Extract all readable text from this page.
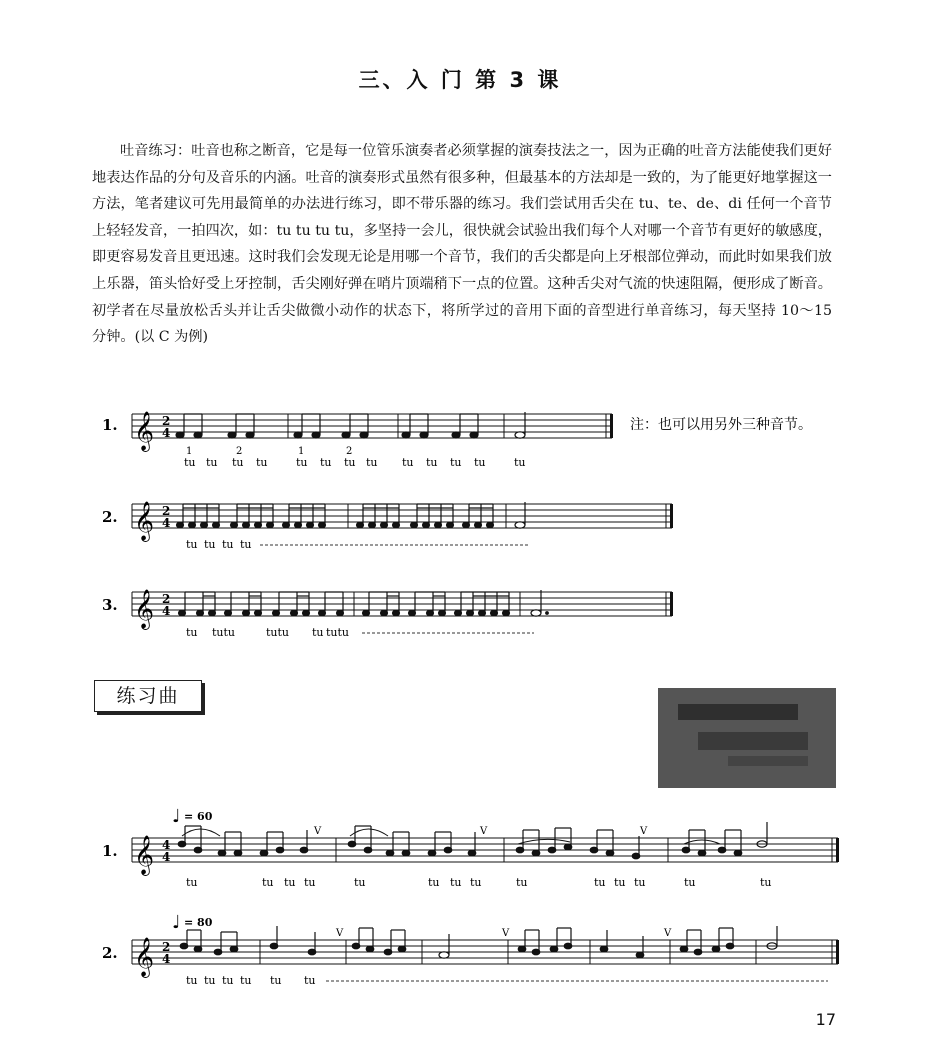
三、入 门 第 3 课

吐音练习：吐音也称之断音，它是每一位管乐演奏者必须掌握的演奏技法之一，因为正确的吐音方法能使我们更好地表达作品的分句及音乐的内涵。吐音的演奏形式虽然有很多种，但最基本的方法却是一致的，为了能更好地掌握这一方法，笔者建议可先用最简单的办法进行练习，即不带乐器的练习。我们尝试用舌尖在 tu、te、de、di 任何一个音节上轻轻发音，一拍四次，如：tu tu tu tu，多坚持一会儿，很快就会试验出我们每个人对哪一个音节有更好的敏感度，即更容易发音且更迅速。这时我们会发现无论是用哪一个音节，我们的舌尖都是向上牙根部位弹动，而此时如果我们放上乐器，笛头恰好受上牙控制，舌尖刚好弹在哨片顶端稍下一点的位置。这种舌尖对气流的快速阻隔，便形成了断音。初学者在尽量放松舌头并让舌尖做微小动作的状态下，将所学过的音用下面的音型进行单音练习，每天坚持 10～15 分钟。(以 C 为例)

1. 𝄞 2
4
1	2	1	2
tu tu tu tu	tu tu tu tu tu tu tu tu	tu
注：也可以用另外三种音节。
2. 𝄞 2
4
tu tu tu tu
3. 𝄞 2
4
tu tutu	tutu tu tutu
练习曲
♩ = 60
1. 𝄞 4
4
V	V	V
tu	tu tu tu	tu	tu tu tu	tu	tu tu tu	tu	tu
♩ = 80
2. 𝄞 2
4
V	V	V
tu tu tu tu tu tu
17
